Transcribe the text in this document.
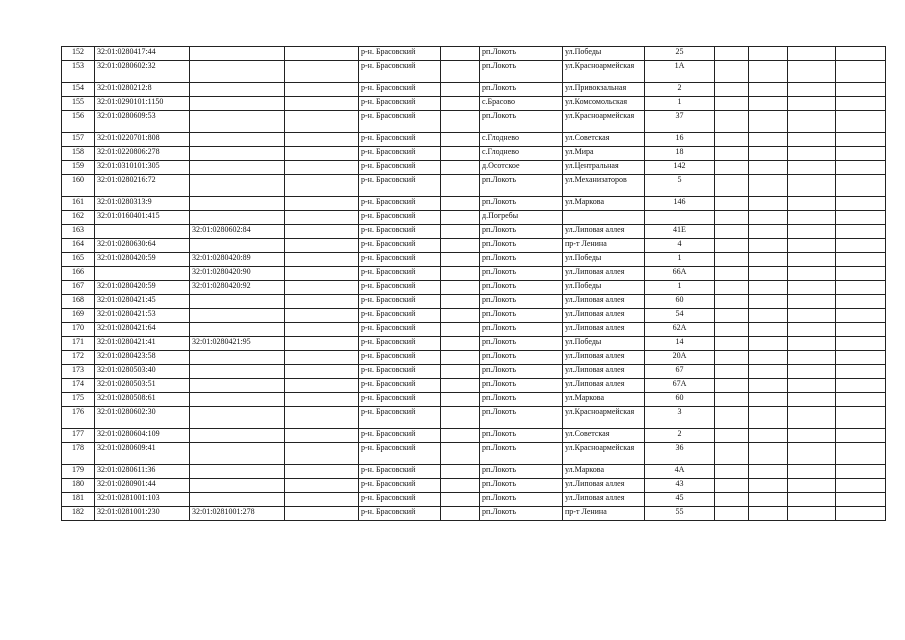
152	32:01:0280417:44			р-н. Брасовский		рп.Локоть	ул.Победы	25				
153	32:01:0280602:32			р-н. Брасовский		рп.Локоть	ул.Красноармейская	1А				
154	32:01:0280212:8			р-н. Брасовский		рп.Локоть	ул.Привокзальная	2				
155	32:01:0290101:1150			р-н. Брасовский		с.Брасово	ул.Комсомольская	1				
156	32:01:0280609:53			р-н. Брасовский		рп.Локоть	ул.Красноармейская	37				
157	32:01:0220701:808			р-н. Брасовский		с.Глоднево	ул.Советская	16				
158	32:01:0220806:278			р-н. Брасовский		с.Глоднево	ул.Мира	18				
159	32:01:0310101:305			р-н. Брасовский		д.Осотское	ул.Центральная	142				
160	32:01:0280216:72			р-н. Брасовский		рп.Локоть	ул.Механизаторов	5				
161	32:01:0280313:9			р-н. Брасовский		рп.Локоть	ул.Маркова	146				
162	32:01:0160401:415			р-н. Брасовский		д.Погребы						
163		32:01:0280602:84		р-н. Брасовский		рп.Локоть	ул.Липовая аллея	41Е				
164	32:01:0280630:64			р-н. Брасовский		рп.Локоть	пр-т Ленина	4				
165	32:01:0280420:59	32:01:0280420:89		р-н. Брасовский		рп.Локоть	ул.Победы	1				
166		32:01:0280420:90		р-н. Брасовский		рп.Локоть	ул.Липовая аллея	66А				
167	32:01:0280420:59	32:01:0280420:92		р-н. Брасовский		рп.Локоть	ул.Победы	1				
168	32:01:0280421:45			р-н. Брасовский		рп.Локоть	ул.Липовая аллея	60				
169	32:01:0280421:53			р-н. Брасовский		рп.Локоть	ул.Липовая аллея	54				
170	32:01:0280421:64			р-н. Брасовский		рп.Локоть	ул.Липовая аллея	62А				
171	32:01:0280421:41	32:01:0280421:95		р-н. Брасовский		рп.Локоть	ул.Победы	14				
172	32:01:0280423:58			р-н. Брасовский		рп.Локоть	ул.Липовая аллея	20А				
173	32:01:0280503:40			р-н. Брасовский		рп.Локоть	ул.Липовая аллея	67				
174	32:01:0280503:51			р-н. Брасовский		рп.Локоть	ул.Липовая аллея	67А				
175	32:01:0280508:61			р-н. Брасовский		рп.Локоть	ул.Маркова	60				
176	32:01:0280602:30			р-н. Брасовский		рп.Локоть	ул.Красноармейская	3				
177	32:01:0280604:109			р-н. Брасовский		рп.Локоть	ул.Советская	2				
178	32:01:0280609:41			р-н. Брасовский		рп.Локоть	ул.Красноармейская	36				
179	32:01:0280611:36			р-н. Брасовский		рп.Локоть	ул.Маркова	4А				
180	32:01:0280901:44			р-н. Брасовский		рп.Локоть	ул.Липовая аллея	43				
181	32:01:0281001:103			р-н. Брасовский		рп.Локоть	ул.Липовая аллея	45				
182	32:01:0281001:230	32:01:0281001:278		р-н. Брасовский		рп.Локоть	пр-т Ленина	55				
